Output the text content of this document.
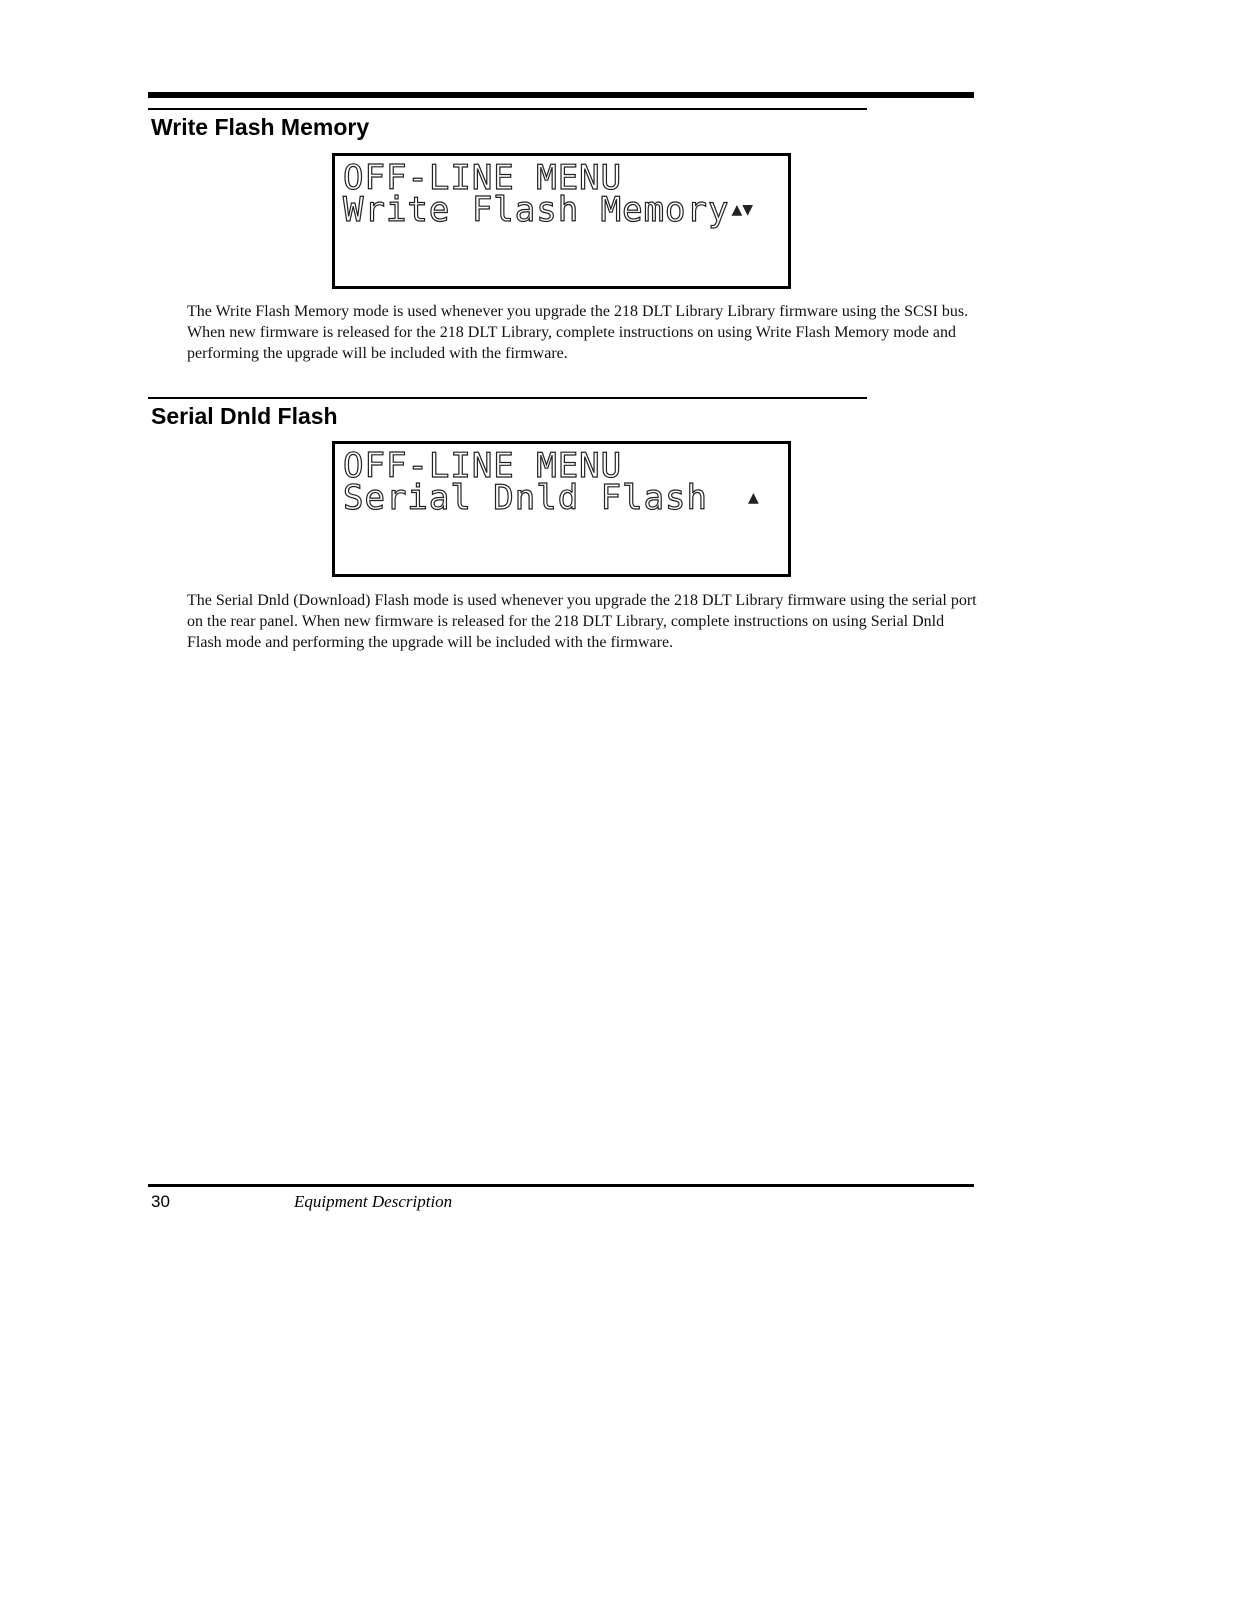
Write Flash Memory
OFF-LINE MENU
Write Flash Memory ▲▼

The Write Flash Memory mode is used whenever you upgrade the 218 DLT Library Library firmware using the SCSI bus. When new firmware is released for the 218 DLT Library, complete instructions on using Write Flash Memory mode and performing the upgrade will be included with the firmware.

Serial Dnld Flash
OFF-LINE MENU
Serial Dnld Flash ▲

The Serial Dnld (Download) Flash mode is used whenever you upgrade the 218 DLT Library firmware using the serial port on the rear panel. When new firmware is released for the 218 DLT Library, complete instructions on using Serial Dnld Flash mode and performing the upgrade will be included with the firmware.

30	Equipment Description
